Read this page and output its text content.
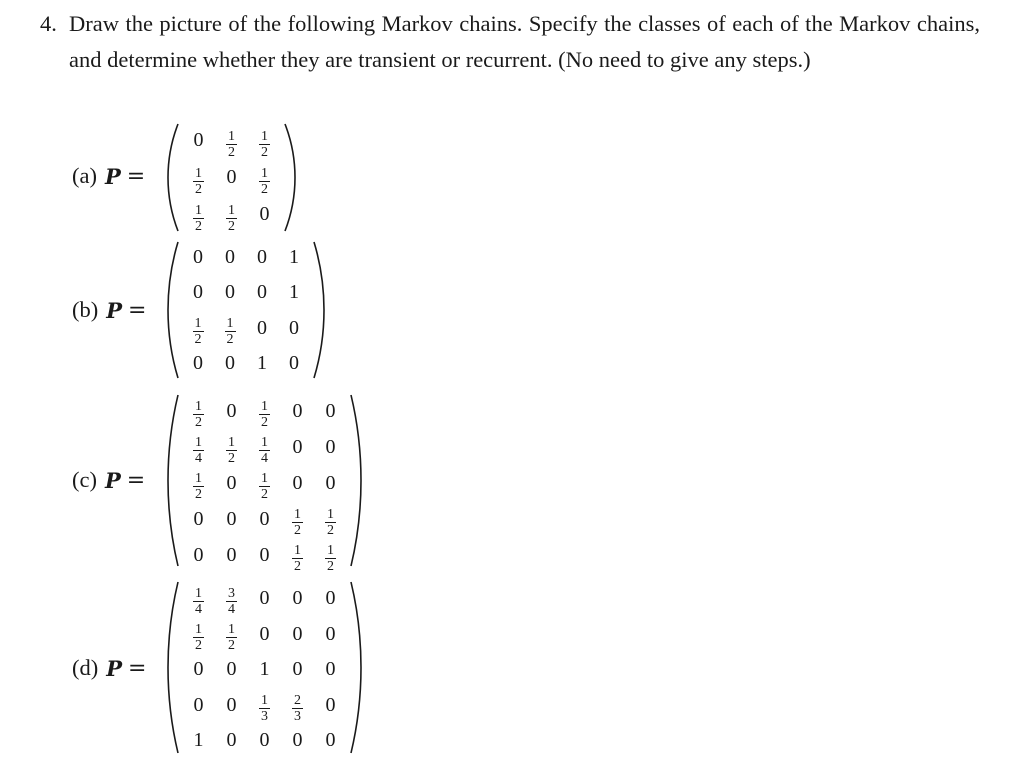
4. Draw the picture of the following Markov chains. Specify the classes of each of the Markov chains, and determine whether they are transient or recurrent. (No need to give any steps.)
(a) P =
0	$\frac{1}{2}$	$\frac{1}{2}$

$\frac{1}{2}$	0	$\frac{1}{2}$

$\frac{1}{2}$	$\frac{1}{2}$	0
(b) P =
0	0	0	1
0	0	0	1

$\frac{1}{2}$	$\frac{1}{2}$	0	0
0	0	1	0
(c) P =
$\frac{1}{2}$	0	$\frac{1}{2}$	0	0

$\frac{1}{4}$	$\frac{1}{2}$	$\frac{1}{4}$	0	0

$\frac{1}{2}$	0	$\frac{1}{2}$	0	0
0	0	0	$\frac{1}{2}$	$\frac{1}{2}$

0	0	0	$\frac{1}{2}$	$\frac{1}{2}$
(d) P =
$\frac{1}{4}$	$\frac{3}{4}$	0	0	0

$\frac{1}{2}$	$\frac{1}{2}$	0	0	0
0	0	1	0	0
0	0	$\frac{1}{3}$	$\frac{2}{3}$	0
1	0	0	0	0
